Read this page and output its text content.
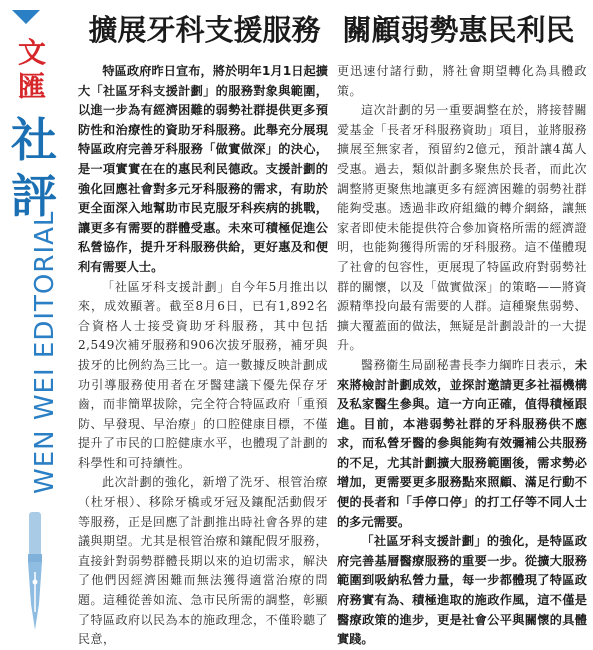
文匯
社評
WEN WEI EDITORIAL
擴展牙科支援服務 關顧弱勢惠民利民

特區政府昨日宣布，將於明年1月1日起擴大「社區牙科支援計劃」的服務對象與範圍，以進一步為有經濟困難的弱勢社群提供更多預防性和治療性的資助牙科服務。此舉充分展現特區政府完善牙科服務「做實做深」的決心，是一項實實在在的惠民利民德政。支援計劃的強化回應社會對多元牙科服務的需求，有助於更全面深入地幫助市民克服牙科疾病的挑戰，讓更多有需要的群體受惠。未來可積極促進公私營協作，提升牙科服務供給，更好惠及和便利有需要人士。

「社區牙科支援計劃」自今年5月推出以來，成效顯著。截至8月6日，已有1,892名合資格人士接受資助牙科服務，其中包括2,549次補牙服務和906次拔牙服務，補牙與拔牙的比例約為三比一。這一數據反映計劃成功引導服務使用者在牙醫建議下優先保存牙齒，而非簡單拔除，完全符合特區政府「重預防、早發現、早治療」的口腔健康目標，不僅提升了市民的口腔健康水平，也體現了計劃的科學性和可持續性。

此次計劃的強化，新增了洗牙、根管治療（杜牙根）、移除牙橋或牙冠及鑲配活動假牙等服務，正是回應了計劃推出時社會各界的建議與期望。尤其是根管治療和鑲配假牙服務，直接針對弱勢群體長期以來的迫切需求，解決了他們因經濟困難而無法獲得適當治療的問題。這種從善如流、急市民所需的調整，彰顯了特區政府以民為本的施政理念，不僅聆聽了民意，

更迅速付諸行動，將社會期望轉化為具體政策。

這次計劃的另一重要調整在於，將接替關愛基金「長者牙科服務資助」項目，並將服務擴展至無家者，預留約2億元，預計讓4萬人受惠。過去，類似計劃多聚焦於長者，而此次調整將更聚焦地讓更多有經濟困難的弱勢社群能夠受惠。透過非政府組織的轉介網絡，讓無家者即使未能提供符合參加資格所需的經濟證明，也能夠獲得所需的牙科服務。這不僅體現了社會的包容性，更展現了特區政府對弱勢社群的關懷，以及「做實做深」的策略——將資源精準投向最有需要的人群。這種聚焦弱勢、擴大覆蓋面的做法，無疑是計劃設計的一大提升。

醫務衞生局副秘書長李力綱昨日表示，未來將檢討計劃成效，並探討邀請更多社福機構及私家醫生參與。這一方向正確，值得積極跟進。目前，本港弱勢社群的牙科服務供不應求，而私營牙醫的參與能夠有效彌補公共服務的不足，尤其計劃擴大服務範圍後，需求勢必增加，更需要更多服務點來照顧、滿足行動不便的長者和「手停口停」的打工仔等不同人士的多元需要。

「社區牙科支援計劃」的強化，是特區政府完善基層醫療服務的重要一步。從擴大服務範圍到吸納私營力量，每一步都體現了特區政府務實有為、積極進取的施政作風，這不僅是醫療政策的進步，更是社會公平與關懷的具體實踐。
